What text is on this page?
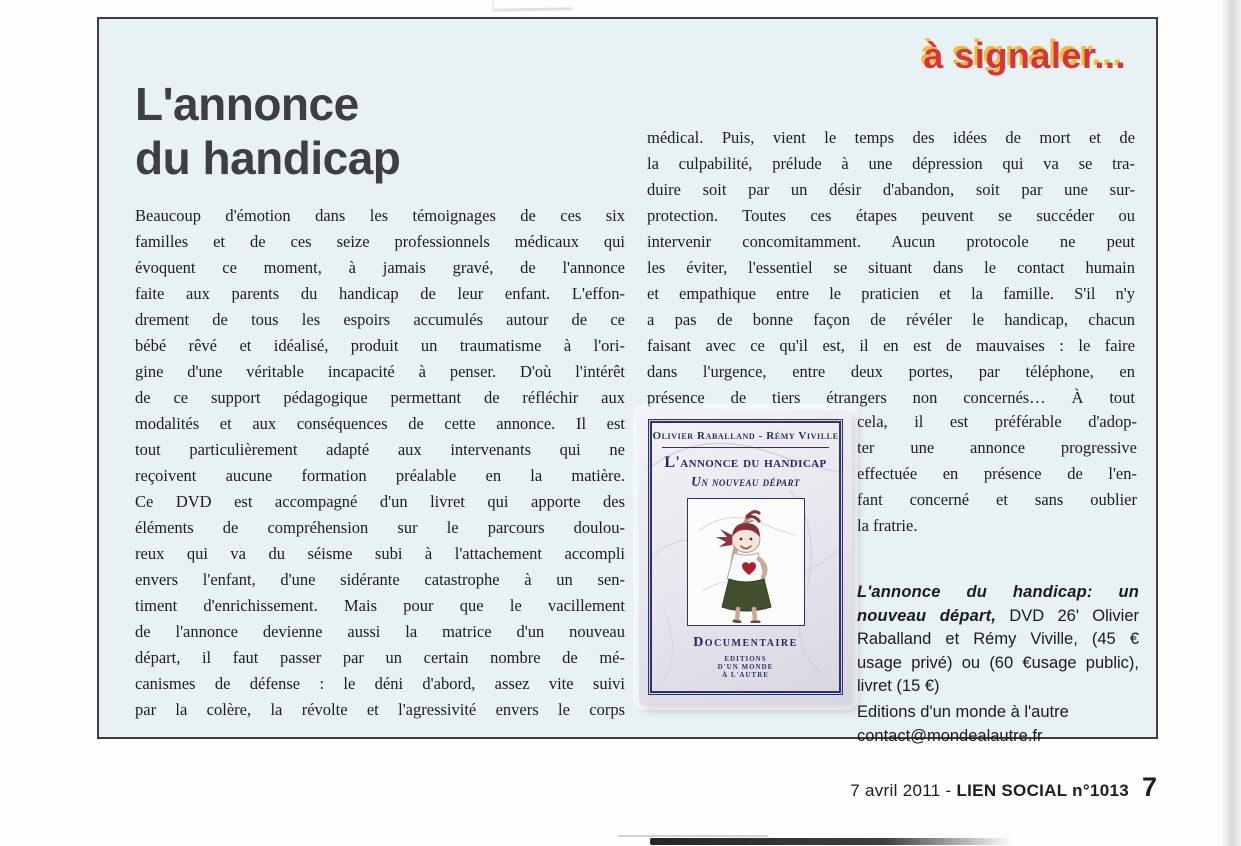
à signaler...
L'annonce
du handicap
Beaucoup d'émotion dans les témoignages de ces six
familles et de ces seize professionnels médicaux qui
évoquent ce moment, à jamais gravé, de l'annonce
faite aux parents du handicap de leur enfant. L'effon-
drement de tous les espoirs accumulés autour de ce
bébé rêvé et idéalisé, produit un traumatisme à l'ori-
gine d'une véritable incapacité à penser. D'où l'intérêt
de ce support pédagogique permettant de réfléchir aux
modalités et aux conséquences de cette annonce. Il est
tout particulièrement adapté aux intervenants qui ne
reçoivent aucune formation préalable en la matière.
Ce DVD est accompagné d'un livret qui apporte des
éléments de compréhension sur le parcours doulou-
reux qui va du séisme subi à l'attachement accompli
envers l'enfant, d'une sidérante catastrophe à un sen-
timent d'enrichissement. Mais pour que le vacillement
de l'annonce devienne aussi la matrice d'un nouveau
départ, il faut passer par un certain nombre de mé-
canismes de défense : le déni d'abord, assez vite suivi
par la colère, la révolte et l'agressivité envers le corps
médical. Puis, vient le temps des idées de mort et de
la culpabilité, prélude à une dépression qui va se tra-
duire soit par un désir d'abandon, soit par une sur-
protection. Toutes ces étapes peuvent se succéder ou
intervenir concomitamment. Aucun protocole ne peut
les éviter, l'essentiel se situant dans le contact humain
et empathique entre le praticien et la famille. S'il n'y
a pas de bonne façon de révéler le handicap, chacun
faisant avec ce qu'il est, il en est de mauvaises : le faire
dans l'urgence, entre deux portes, par téléphone, en
présence de tiers étrangers non concernés… À tout
cela, il est préférable d'adop-
ter une annonce progressive
effectuée en présence de l'en-
fant concerné et sans oublier
la fratrie.
Olivier Raballand - Rémy Viville
L'annonce du handicap
Un nouveau départ
Documentaire
EDITIONS
D'UN MONDE
À L'AUTRE

L'annonce du handicap: un nouveau départ, DVD 26' Olivier Raballand et Rémy Viville, (45 € usage privé) ou (60 €usage public), livret (15 €)

Editions d'un monde à l'autre
contact@mondealautre.fr
7 avril 2011 - LIEN SOCIAL n°1013 7
